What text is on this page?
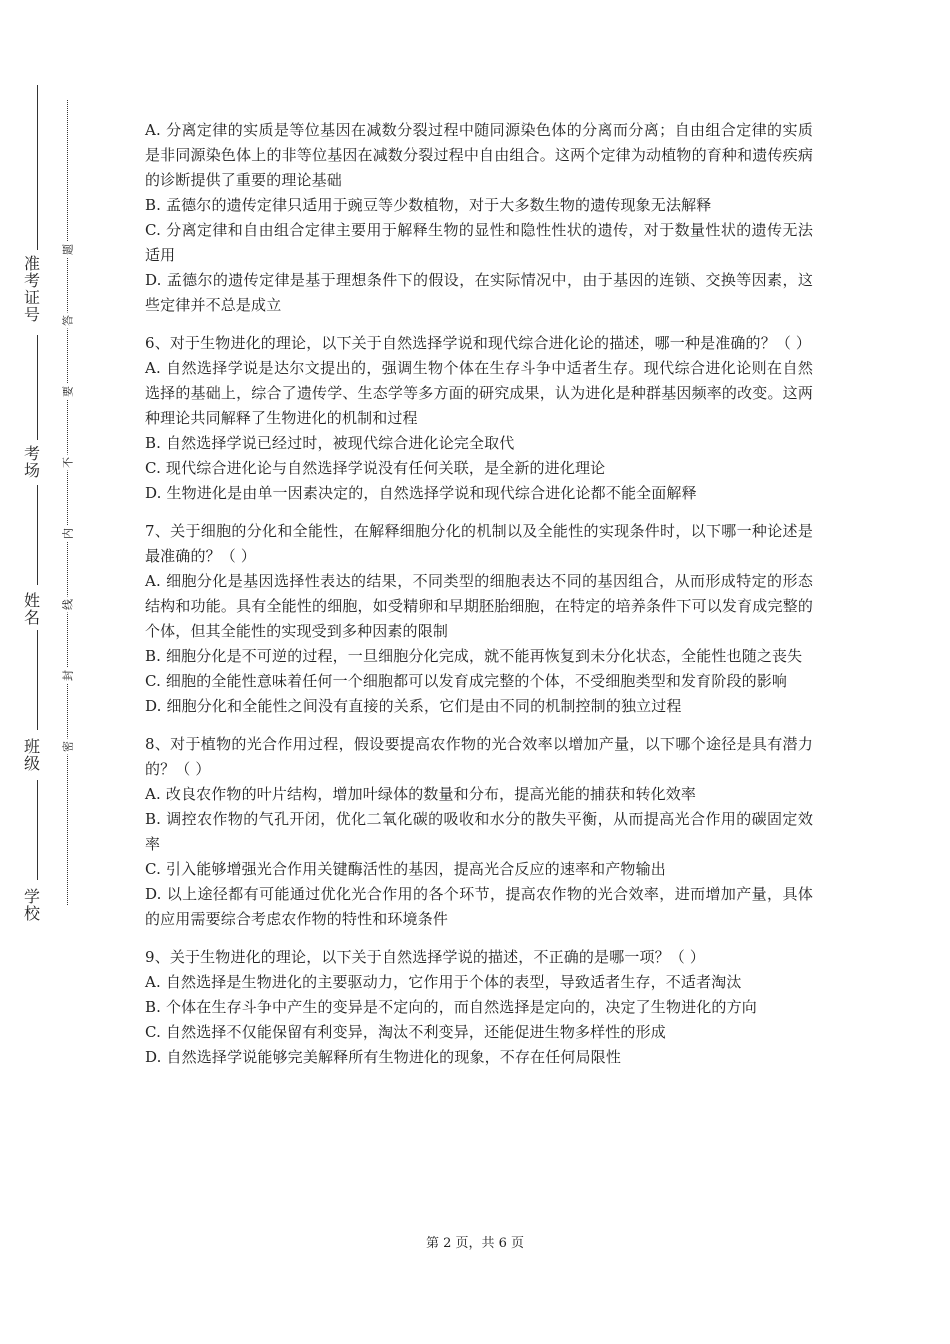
准
考
证
号
考
场
姓
名
班
级
学
校
题
答
要
不
内
线
封
密

A. 分离定律的实质是等位基因在减数分裂过程中随同源染色体的分离而分离；自由组合定律的实质是非同源染色体上的非等位基因在减数分裂过程中自由组合。这两个定律为动植物的育种和遗传疾病的诊断提供了重要的理论基础

B. 孟德尔的遗传定律只适用于豌豆等少数植物，对于大多数生物的遗传现象无法解释

C. 分离定律和自由组合定律主要用于解释生物的显性和隐性性状的遗传，对于数量性状的遗传无法适用

D. 孟德尔的遗传定律是基于理想条件下的假设，在实际情况中，由于基因的连锁、交换等因素，这些定律并不总是成立

6、对于生物进化的理论，以下关于自然选择学说和现代综合进化论的描述，哪一种是准确的？（ ）

A. 自然选择学说是达尔文提出的，强调生物个体在生存斗争中适者生存。现代综合进化论则在自然选择的基础上，综合了遗传学、生态学等多方面的研究成果，认为进化是种群基因频率的改变。这两种理论共同解释了生物进化的机制和过程

B. 自然选择学说已经过时，被现代综合进化论完全取代

C. 现代综合进化论与自然选择学说没有任何关联，是全新的进化理论

D. 生物进化是由单一因素决定的，自然选择学说和现代综合进化论都不能全面解释

7、关于细胞的分化和全能性，在解释细胞分化的机制以及全能性的实现条件时，以下哪一种论述是最准确的？（ ）

A. 细胞分化是基因选择性表达的结果，不同类型的细胞表达不同的基因组合，从而形成特定的形态结构和功能。具有全能性的细胞，如受精卵和早期胚胎细胞，在特定的培养条件下可以发育成完整的个体，但其全能性的实现受到多种因素的限制

B. 细胞分化是不可逆的过程，一旦细胞分化完成，就不能再恢复到未分化状态，全能性也随之丧失

C. 细胞的全能性意味着任何一个细胞都可以发育成完整的个体，不受细胞类型和发育阶段的影响

D. 细胞分化和全能性之间没有直接的关系，它们是由不同的机制控制的独立过程

8、对于植物的光合作用过程，假设要提高农作物的光合效率以增加产量，以下哪个途径是具有潜力的？（ ）

A. 改良农作物的叶片结构，增加叶绿体的数量和分布，提高光能的捕获和转化效率

B. 调控农作物的气孔开闭，优化二氧化碳的吸收和水分的散失平衡，从而提高光合作用的碳固定效率

C. 引入能够增强光合作用关键酶活性的基因，提高光合反应的速率和产物输出

D. 以上途径都有可能通过优化光合作用的各个环节，提高农作物的光合效率，进而增加产量，具体的应用需要综合考虑农作物的特性和环境条件

9、关于生物进化的理论，以下关于自然选择学说的描述，不正确的是哪一项？（ ）

A. 自然选择是生物进化的主要驱动力，它作用于个体的表型，导致适者生存，不适者淘汰

B. 个体在生存斗争中产生的变异是不定向的，而自然选择是定向的，决定了生物进化的方向

C. 自然选择不仅能保留有利变异，淘汰不利变异，还能促进生物多样性的形成

D. 自然选择学说能够完美解释所有生物进化的现象，不存在任何局限性

第 2 页，共 6 页
